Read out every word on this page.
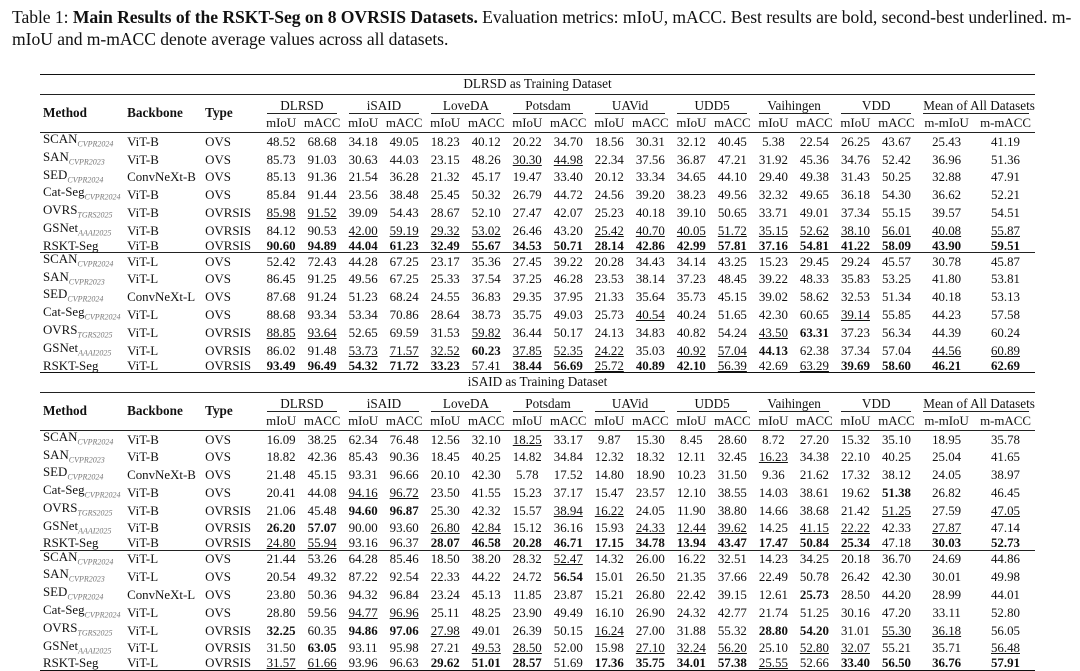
Table 1: Main Results of the RSKT-Seg on 8 OVRSIS Datasets. Evaluation metrics: mIoU, mACC. Best results are bold, second-best underlined. m-mIoU and m-mACC denote average values across all datasets.
DLRSD as Training Dataset																				
Method	Backbone	Type	DLRSD		iSAID		LoveDA		Potsdam		UAVid		UDD5		Vaihingen		VDD		Mean of All Datasets	

			mIoU	mACC	mIoU	mACC	mIoU	mACC	mIoU	mACC	mIoU	mACC	mIoU	mACC	mIoU	mACC	mIoU	mACC	m-mIoU	m-mACC
$SCAN_{CVPR2024}$	ViT-B	OVS	48.52	68.68	34.18	49.05	18.23	40.12	20.22	34.70	18.56	30.31	32.12	40.45	5.38	22.54	26.25	43.67	25.43	41.19
$SAN_{CVPR2023}$	ViT-B	OVS	85.73	91.03	30.63	44.03	23.15	48.26	30.30	44.98	22.34	37.56	36.87	47.21	31.92	45.36	34.76	52.42	36.96	51.36
$SED_{CVPR2024}$	ConvNeXt-B	OVS	85.13	91.36	21.54	36.28	21.32	45.17	19.47	33.40	20.12	33.34	34.65	44.10	29.40	49.38	31.43	50.25	32.88	47.91
Cat-Seg$_{CVPR2024}$	ViT-B	OVS	85.84	91.44	23.56	38.48	25.45	50.32	26.79	44.72	24.56	39.20	38.23	49.56	32.32	49.65	36.18	54.30	36.62	52.21
$OVRS_{TGRS2025}$	ViT-B	OVRSIS	85.98	91.52	39.09	54.43	28.67	52.10	27.47	42.07	25.23	40.18	39.10	50.65	33.71	49.01	37.34	55.15	39.57	54.51
GSNet$_{AAAI2025}$	ViT-B	OVRSIS	84.12	90.53	42.00	59.19	29.32	53.02	26.46	43.20	25.42	40.70	40.05	51.72	35.15	52.62	38.10	56.01	40.08	55.87
RSKT-Seg	ViT-B	OVRSIS	90.60	94.89	44.04	61.23	32.49	55.67	34.53	50.71	28.14	42.86	42.99	57.81	37.16	54.81	41.22	58.09	43.90	59.51
$SCAN_{CVPR2024}$	ViT-L	OVS	52.42	72.43	44.28	67.25	23.17	35.36	27.45	39.22	20.28	34.43	34.14	43.25	15.23	29.45	29.24	45.57	30.78	45.87
$SAN_{CVPR2023}$	ViT-L	OVS	86.45	91.25	49.56	67.25	25.33	37.54	37.25	46.28	23.53	38.14	37.23	48.45	39.22	48.33	35.83	53.25	41.80	53.81
$SED_{CVPR2024}$	ConvNeXt-L	OVS	87.68	91.24	51.23	68.24	24.55	36.83	29.35	37.95	21.33	35.64	35.73	45.15	39.02	58.62	32.53	51.34	40.18	53.13
Cat-Seg$_{CVPR2024}$	ViT-L	OVS	88.68	93.34	53.34	70.86	28.64	38.73	35.75	49.03	25.73	40.54	40.24	51.65	42.30	60.65	39.14	55.85	44.23	57.58
$OVRS_{TGRS2025}$	ViT-L	OVRSIS	88.85	93.64	52.65	69.59	31.53	59.82	36.44	50.17	24.13	34.83	40.82	54.24	43.50	63.31	37.23	56.34	44.39	60.24
GSNet$_{AAAI2025}$	ViT-L	OVRSIS	86.02	91.48	53.73	71.57	32.52	60.23	37.85	52.35	24.22	35.03	40.92	57.04	44.13	62.38	37.34	57.04	44.56	60.89
RSKT-Seg	ViT-L	OVRSIS	93.49	96.49	54.32	71.72	33.23	57.41	38.44	56.69	25.72	40.89	42.10	56.39	42.69	63.29	39.69	58.60	46.21	62.69
iSAID as Training Dataset																				
Method	Backbone	Type	DLRSD		iSAID		LoveDA		Potsdam		UAVid		UDD5		Vaihingen		VDD		Mean of All Datasets	

			mIoU	mACC	mIoU	mACC	mIoU	mACC	mIoU	mACC	mIoU	mACC	mIoU	mACC	mIoU	mACC	mIoU	mACC	m-mIoU	m-mACC
$SCAN_{CVPR2024}$	ViT-B	OVS	16.09	38.25	62.34	76.48	12.56	32.10	18.25	33.17	9.87	15.30	8.45	28.60	8.72	27.20	15.32	35.10	18.95	35.78
$SAN_{CVPR2023}$	ViT-B	OVS	18.82	42.36	85.43	90.36	18.45	40.25	14.82	34.84	12.32	18.32	12.11	32.45	16.23	34.38	22.10	40.25	25.04	41.65
$SED_{CVPR2024}$	ConvNeXt-B	OVS	21.48	45.15	93.31	96.66	20.10	42.30	5.78	17.52	14.80	18.90	10.23	31.50	9.36	21.62	17.32	38.12	24.05	38.97
Cat-Seg$_{CVPR2024}$	ViT-B	OVS	20.41	44.08	94.16	96.72	23.50	41.55	15.23	37.17	15.47	23.57	12.10	38.55	14.03	38.61	19.62	51.38	26.82	46.45
$OVRS_{TGRS2025}$	ViT-B	OVRSIS	21.06	45.48	94.60	96.87	25.30	42.32	15.57	38.94	16.22	24.05	11.90	38.80	14.66	38.68	21.42	51.25	27.59	47.05
GSNet$_{AAAI2025}$	ViT-B	OVRSIS	26.20	57.07	90.00	93.60	26.80	42.84	15.12	36.16	15.93	24.33	12.44	39.62	14.25	41.15	22.22	42.33	27.87	47.14
RSKT-Seg	ViT-B	OVRSIS	24.80	55.94	93.16	96.37	28.07	46.58	20.28	46.71	17.15	34.78	13.94	43.47	17.47	50.84	25.34	47.18	30.03	52.73
$SCAN_{CVPR2024}$	ViT-L	OVS	21.44	53.26	64.28	85.46	18.50	38.20	28.32	52.47	14.32	26.00	16.22	32.51	14.23	34.25	20.18	36.70	24.69	44.86
$SAN_{CVPR2023}$	ViT-L	OVS	20.54	49.32	87.22	92.54	22.33	44.22	24.72	56.54	15.01	26.50	21.35	37.66	22.49	50.78	26.42	42.30	30.01	49.98
$SED_{CVPR2024}$	ConvNeXt-L	OVS	23.80	50.36	94.32	96.84	23.24	45.13	11.85	23.87	15.21	26.80	22.42	39.15	12.61	25.73	28.50	44.20	28.99	44.01
Cat-Seg$_{CVPR2024}$	ViT-L	OVS	28.80	59.56	94.77	96.96	25.11	48.25	23.90	49.49	16.10	26.90	24.32	42.77	21.74	51.25	30.16	47.20	33.11	52.80
$OVRS_{TGRS2025}$	ViT-L	OVRSIS	32.25	60.35	94.86	97.06	27.98	49.01	26.39	50.15	16.24	27.00	31.88	55.32	28.80	54.20	31.01	55.30	36.18	56.05
GSNet$_{AAAI2025}$	ViT-L	OVRSIS	31.50	63.05	93.11	95.98	27.21	49.53	28.50	52.00	15.98	27.10	32.24	56.20	25.10	52.80	32.07	55.21	35.71	56.48
RSKT-Seg	ViT-L	OVRSIS	31.57	61.66	93.96	96.63	29.62	51.01	28.57	51.69	17.36	35.75	34.01	57.38	25.55	52.66	33.40	56.50	36.76	57.91
